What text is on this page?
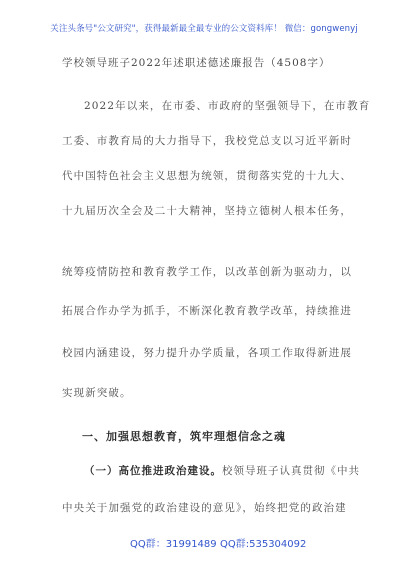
关注头条号"公文研究"，获得最新最全最专业的公文资料库！ 微信：gongwenyj
学校领导班子2022年述职述德述廉报告（4508字）
2022年以来，在市委、市政府的坚强领导下，在市教育
工委、市教育局的大力指导下，我校党总支以习近平新时
代中国特色社会主义思想为统领，贯彻落实党的十九大、
十九届历次全会及二十大精神，坚持立德树人根本任务，
统筹疫情防控和教育教学工作，以改革创新为驱动力，以
拓展合作办学为抓手，不断深化教育教学改革，持续推进
校园内涵建设，努力提升办学质量，各项工作取得新进展
实现新突破。
一、加强思想教育，筑牢理想信念之魂
（一）高位推进政治建设。校领导班子认真贯彻《中共
中央关于加强党的政治建设的意见》，始终把党的政治建
QQ群：31991489 QQ群:535304092
